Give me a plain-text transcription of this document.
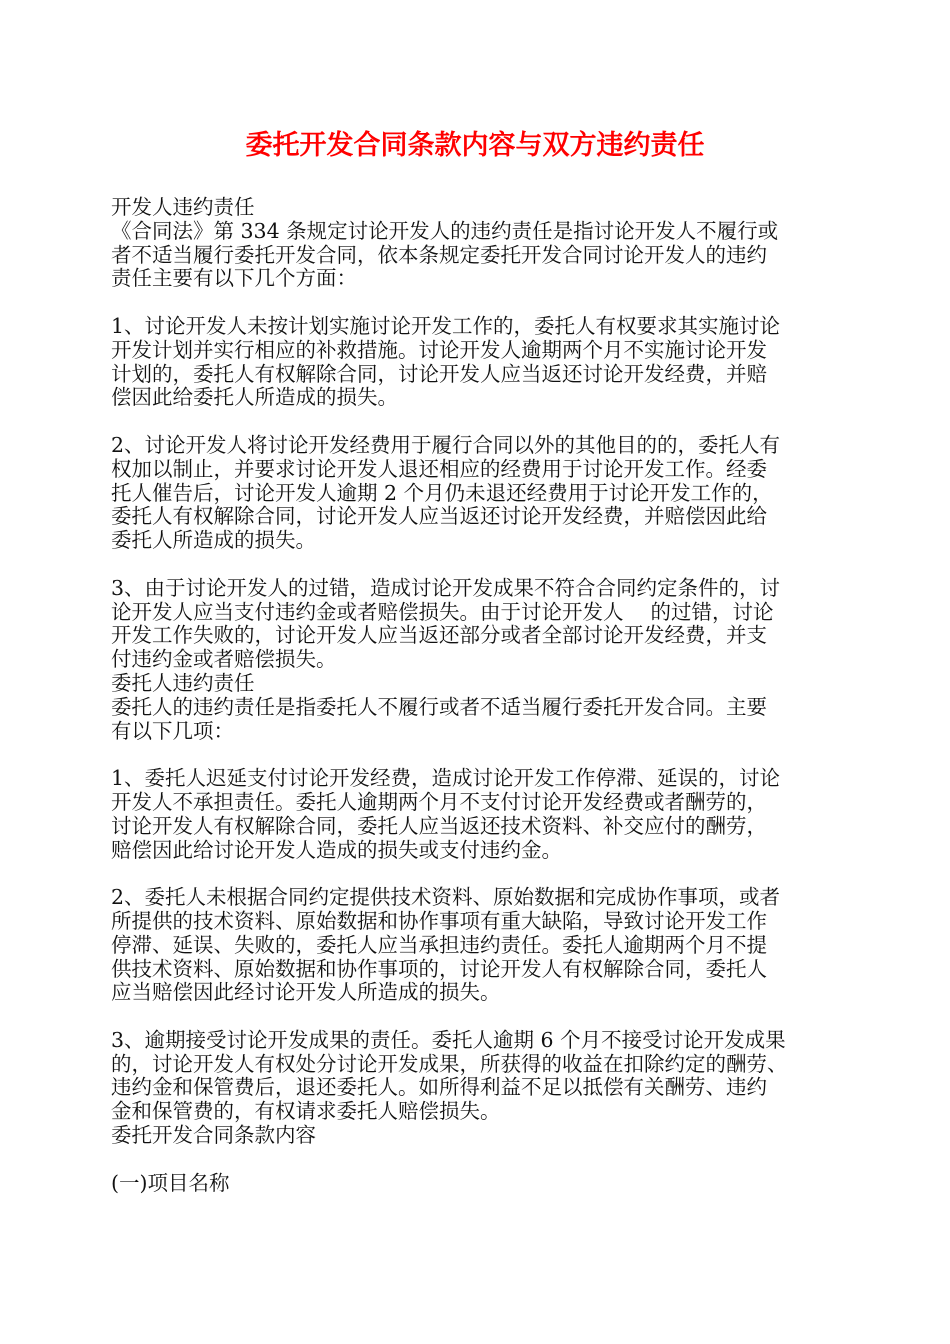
委托开发合同条款内容与双方违约责任
开发人违约责任
《合同法》第 334 条规定讨论开发人的违约责任是指讨论开发人不履行或
者不适当履行委托开发合同，依本条规定委托开发合同讨论开发人的违约
责任主要有以下几个方面：
1、讨论开发人未按计划实施讨论开发工作的，委托人有权要求其实施讨论
开发计划并实行相应的补救措施。讨论开发人逾期两个月不实施讨论开发
计划的，委托人有权解除合同，讨论开发人应当返还讨论开发经费，并赔
偿因此给委托人所造成的损失。
2、讨论开发人将讨论开发经费用于履行合同以外的其他目的的，委托人有
权加以制止，并要求讨论开发人退还相应的经费用于讨论开发工作。经委
托人催告后，讨论开发人逾期 2 个月仍未退还经费用于讨论开发工作的，
委托人有权解除合同，讨论开发人应当返还讨论开发经费，并赔偿因此给
委托人所造成的损失。
3、由于讨论开发人的过错，造成讨论开发成果不符合合同约定条件的，讨
论开发人应当支付违约金或者赔偿损失。由于讨论开发人　 的过错，讨论
开发工作失败的，讨论开发人应当返还部分或者全部讨论开发经费，并支
付违约金或者赔偿损失。
委托人违约责任
委托人的违约责任是指委托人不履行或者不适当履行委托开发合同。主要
有以下几项：
1、委托人迟延支付讨论开发经费，造成讨论开发工作停滞、延误的，讨论
开发人不承担责任。委托人逾期两个月不支付讨论开发经费或者酬劳的，
讨论开发人有权解除合同，委托人应当返还技术资料、补交应付的酬劳，
赔偿因此给讨论开发人造成的损失或支付违约金。
2、委托人未根据合同约定提供技术资料、原始数据和完成协作事项，或者
所提供的技术资料、原始数据和协作事项有重大缺陷，导致讨论开发工作
停滞、延误、失败的，委托人应当承担违约责任。委托人逾期两个月不提
供技术资料、原始数据和协作事项的，讨论开发人有权解除合同，委托人
应当赔偿因此经讨论开发人所造成的损失。
3、逾期接受讨论开发成果的责任。委托人逾期 6 个月不接受讨论开发成果
的，讨论开发人有权处分讨论开发成果，所获得的收益在扣除约定的酬劳、
违约金和保管费后，退还委托人。如所得利益不足以抵偿有关酬劳、违约
金和保管费的，有权请求委托人赔偿损失。
委托开发合同条款内容
(一)项目名称
